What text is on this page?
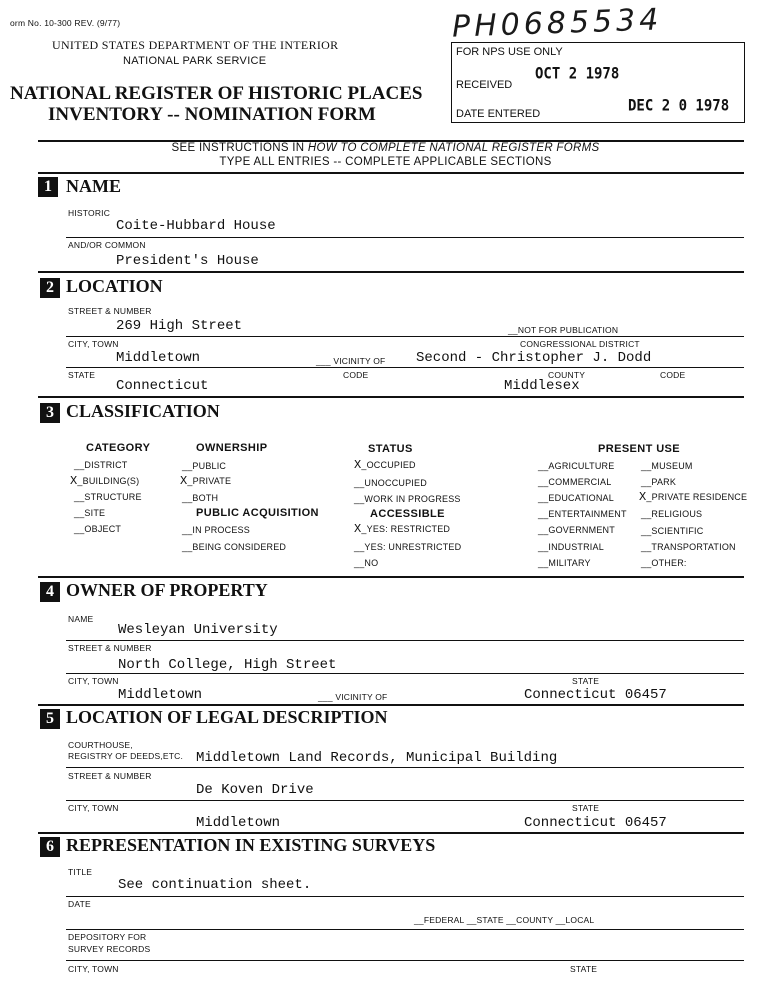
orm No. 10-300 REV. (9/77)
UNITED STATES DEPARTMENT OF THE INTERIOR
NATIONAL PARK SERVICE
NATIONAL REGISTER OF HISTORIC PLACES
INVENTORY -- NOMINATION FORM
PH0685534
FOR NPS USE ONLY
RECEIVED
OCT 2 1978
DATE ENTERED	DEC 2 0 1978
SEE INSTRUCTIONS IN HOW TO COMPLETE NATIONAL REGISTER FORMS
TYPE ALL ENTRIES -- COMPLETE APPLICABLE SECTIONS
1 NAME
HISTORIC
Coite-Hubbard House
AND/OR COMMON
President's House
2 LOCATION
STREET & NUMBER
269 High Street	__NOT FOR PUBLICATION
CITY, TOWN	CONGRESSIONAL DISTRICT
Middletown	___ VICINITY OF Second - Christopher J. Dodd
STATE	CODE	COUNTY	CODE
Connecticut	Middlesex
3 CLASSIFICATION
CATEGORY	OWNERSHIP	STATUS	PRESENT USE
__DISTRICT
X_BUILDING(S)
__STRUCTURE
__SITE
__OBJECT
__PUBLIC
X_PRIVATE
__BOTH
PUBLIC ACQUISITION
__IN PROCESS
__BEING CONSIDERED
X_OCCUPIED
__UNOCCUPIED
__WORK IN PROGRESS
ACCESSIBLE
X_YES: RESTRICTED
__YES: UNRESTRICTED
__NO
__AGRICULTURE
__COMMERCIAL
__EDUCATIONAL
__ENTERTAINMENT
__GOVERNMENT
__INDUSTRIAL
__MILITARY
__MUSEUM
__PARK
X_PRIVATE RESIDENCE
__RELIGIOUS
__SCIENTIFIC
__TRANSPORTATION
__OTHER:
4 OWNER OF PROPERTY
NAME
Wesleyan University
STREET & NUMBER
North College, High Street
CITY, TOWN	STATE
Middletown	___ VICINITY OF	Connecticut 06457
5 LOCATION OF LEGAL DESCRIPTION
COURTHOUSE,
REGISTRY OF DEEDS,ETC. Middletown Land Records, Municipal Building
STREET & NUMBER
De Koven Drive
CITY, TOWN	STATE
Middletown	Connecticut 06457
6 REPRESENTATION IN EXISTING SURVEYS
TITLE
See continuation sheet.
DATE
__FEDERAL __STATE __COUNTY __LOCAL
DEPOSITORY FOR
SURVEY RECORDS
CITY, TOWN	STATE
